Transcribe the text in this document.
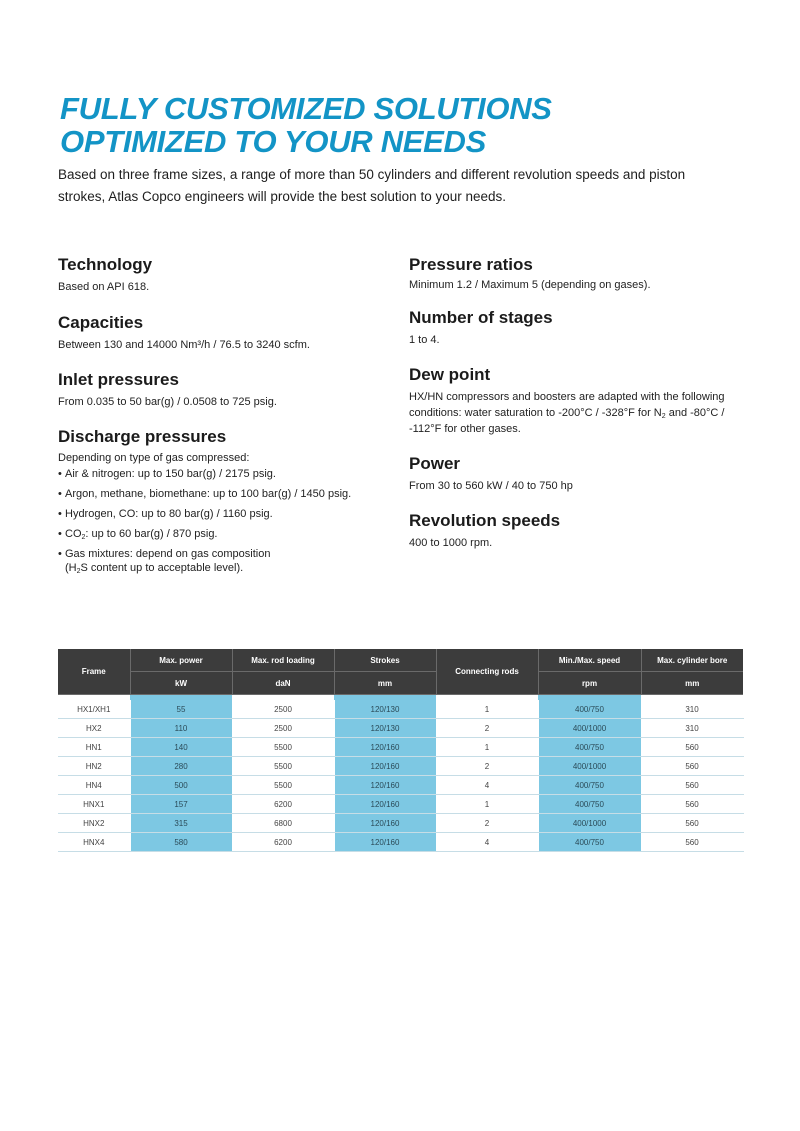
FULLY CUSTOMIZED SOLUTIONS
OPTIMIZED TO YOUR NEEDS

Based on three frame sizes, a range of more than 50 cylinders and different revolution speeds and piston strokes, Atlas Copco engineers will provide the best solution to your needs.

Technology

Based on API 618.

Capacities

Between 130 and 14000 Nm³/h / 76.5 to 3240 scfm.

Inlet pressures

From 0.035 to 50 bar(g) / 0.0508 to 725 psig.

Discharge pressures

Depending on type of gas compressed:

• Air & nitrogen: up to 150 bar(g) / 2175 psig.
• Argon, methane, biomethane: up to 100 bar(g) / 1450 psig.
• Hydrogen, CO: up to 80 bar(g) / 1160 psig.
• $CO_2$: up to 60 bar(g) / 870 psig.
• Gas mixtures: depend on gas composition
($H_2S$ content up to acceptable level).
Pressure ratios

Minimum 1.2 / Maximum 5 (depending on gases).

Number of stages

1 to 4.

Dew point

HX/HN compressors and boosters are adapted with the following conditions: water saturation to -200°C / -328°F for $N_2$ and -80°C / -112°F for other gases.

Power

From 30 to 560 kW / 40 to 750 hp

Revolution speeds

400 to 1000 rpm.

Frame	Max. power	Max. rod loading	Strokes	Connecting rods	Min./Max. speed	Max. cylinder bore
	kW	daN	mm		rpm	mm

HX1/XH1	55	2500	120/130	1	400/750	310
HX2	110	2500	120/130	2	400/1000	310
HN1	140	5500	120/160	1	400/750	560
HN2	280	5500	120/160	2	400/1000	560
HN4	500	5500	120/160	4	400/750	560
HNX1	157	6200	120/160	1	400/750	560
HNX2	315	6800	120/160	2	400/1000	560
HNX4	580	6200	120/160	4	400/750	560
